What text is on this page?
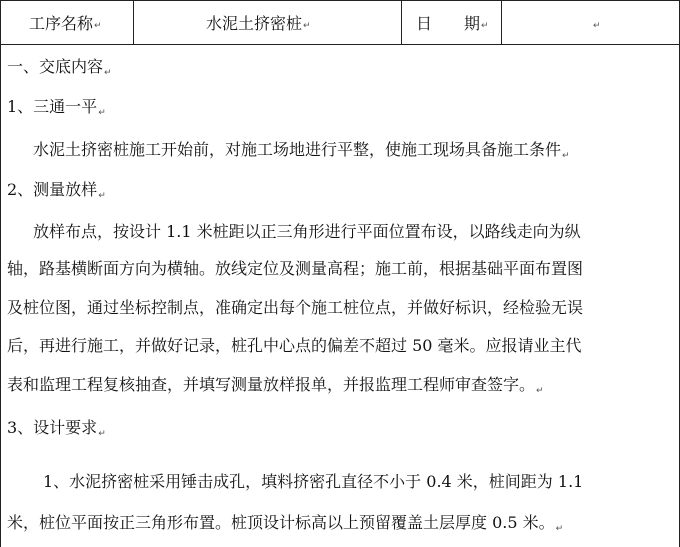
工序名称 ↵	水泥土挤密桩 ↵	日　　期 ↵	↵
一、交底内容↵
1、三通一平↵
水泥土挤密桩施工开始前，对施工场地进行平整，使施工现场具备施工条件↵
2、测量放样↵
放样布点，按设计 1.1 米桩距以正三角形进行平面位置布设，以路线走向为纵
轴，路基横断面方向为横轴。放线定位及测量高程；施工前，根据基础平面布置图
及桩位图，通过坐标控制点，准确定出每个施工桩位点，并做好标识，经检验无误
后，再进行施工，并做好记录，桩孔中心点的偏差不超过 50 毫米。应报请业主代
表和监理工程复核抽查，并填写测量放样报单，并报监理工程师审查签字。↵
3、设计要求↵
1、水泥挤密桩采用锤击成孔，填料挤密孔直径不小于 0.4 米，桩间距为 1.1
米，桩位平面按正三角形布置。桩顶设计标高以上预留覆盖土层厚度 0.5 米。↵
